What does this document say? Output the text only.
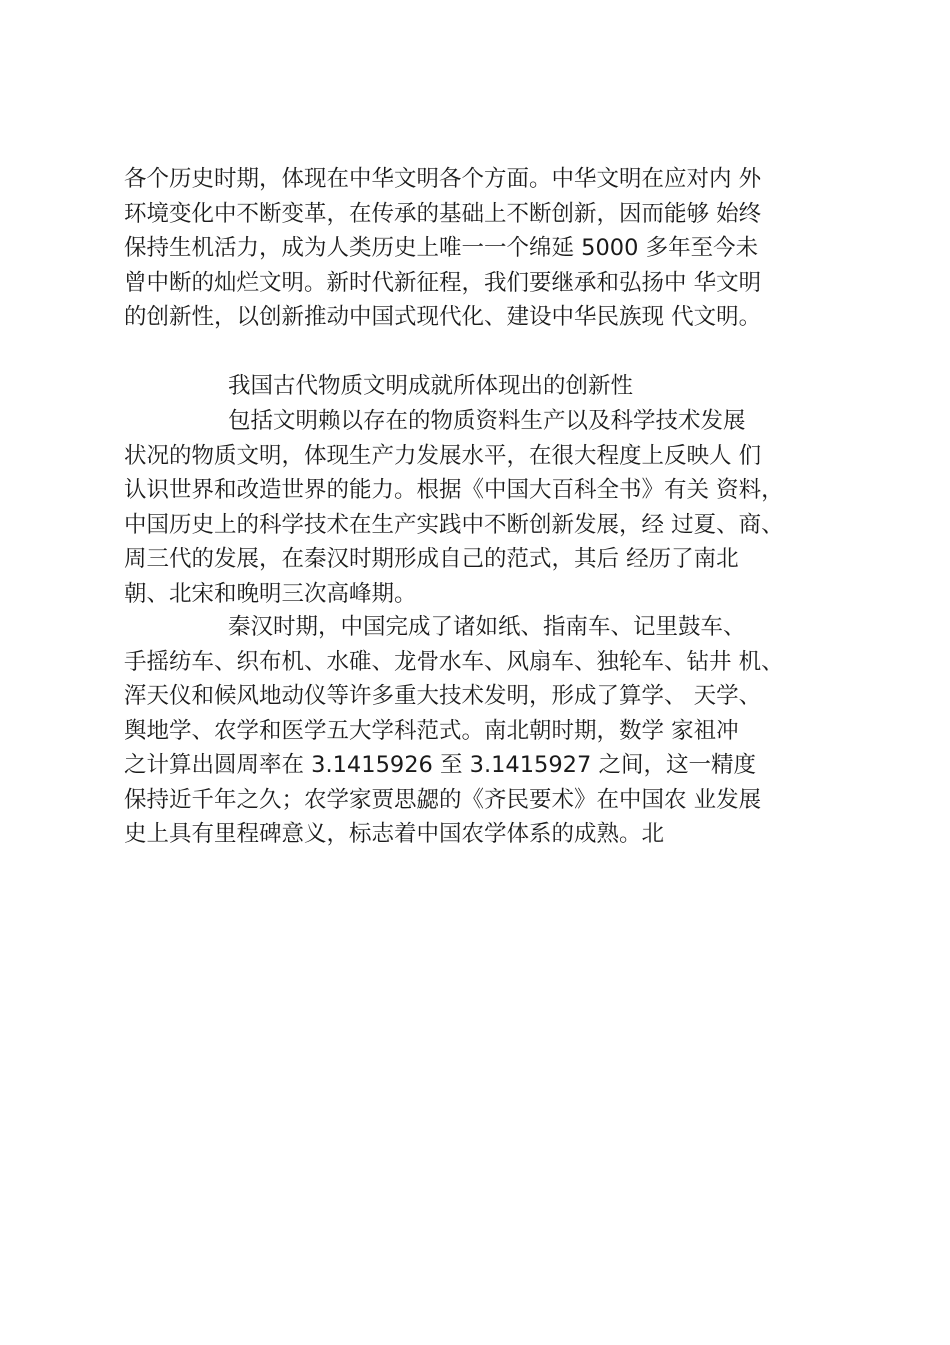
各个历史时期，体现在中华文明各个方面。中华文明在应对内 外
环境变化中不断变革，在传承的基础上不断创新，因而能够 始终
保持生机活力，成为人类历史上唯一一个绵延 5000 多年至今未
曾中断的灿烂文明。新时代新征程，我们要继承和弘扬中 华文明
的创新性，以创新推动中国式现代化、建设中华民族现 代文明。
我国古代物质文明成就所体现出的创新性
包括文明赖以存在的物质资料生产以及科学技术发展
状况的物质文明，体现生产力发展水平，在很大程度上反映人 们
认识世界和改造世界的能力。根据《中国大百科全书》有关 资料，
中国历史上的科学技术在生产实践中不断创新发展，经 过夏、商、
周三代的发展，在秦汉时期形成自己的范式，其后 经历了南北
朝、北宋和晚明三次高峰期。
秦汉时期，中国完成了诸如纸、指南车、记里鼓车、
手摇纺车、织布机、水碓、龙骨水车、风扇车、独轮车、钻井 机、
浑天仪和候风地动仪等许多重大技术发明，形成了算学、 天学、
舆地学、农学和医学五大学科范式。南北朝时期，数学 家祖冲
之计算出圆周率在 3.1415926 至 3.1415927 之间，这一精度
保持近千年之久；农学家贾思勰的《齐民要术》在中国农 业发展
史上具有里程碑意义，标志着中国农学体系的成熟。北
